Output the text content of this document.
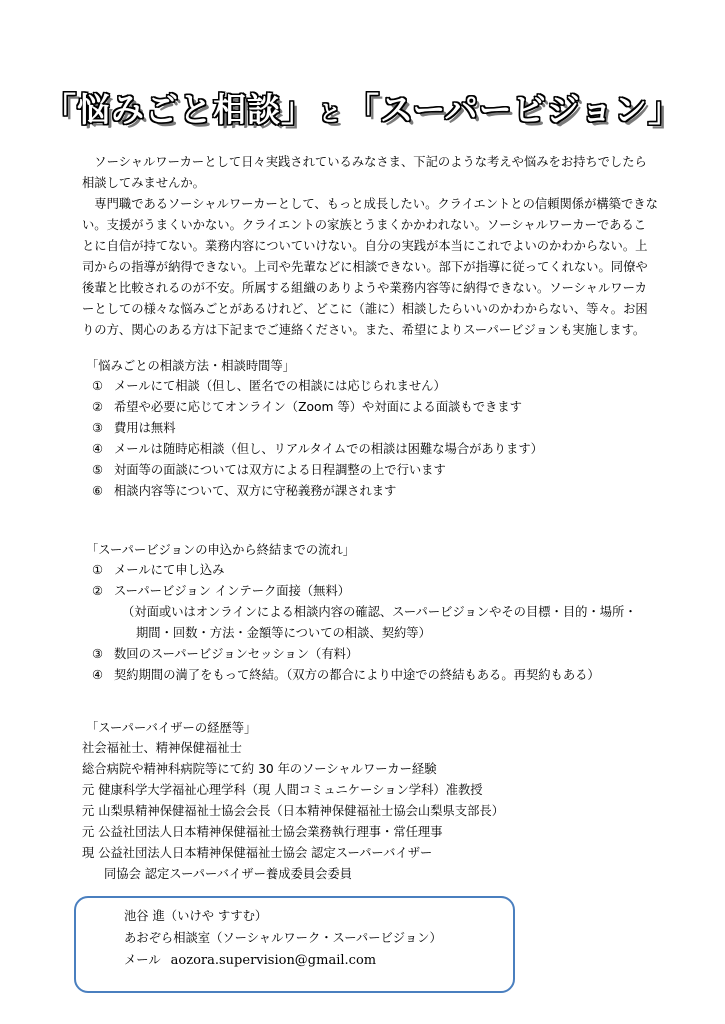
「悩みごと相談」 と 「スーパービジョン」

ソーシャルワーカーとして日々実践されているみなさま、下記のような考えや悩みをお持ちでしたら相談してみませんか。

専門職であるソーシャルワーカーとして、もっと成長したい。クライエントとの信頼関係が構築できない。支援がうまくいかない。クライエントの家族とうまくかかわれない。ソーシャルワーカーであることに自信が持てない。業務内容についていけない。自分の実践が本当にこれでよいのかわからない。上司からの指導が納得できない。上司や先輩などに相談できない。部下が指導に従ってくれない。同僚や後輩と比較されるのが不安。所属する組織のありようや業務内容等に納得できない。ソーシャルワーカーとしての様々な悩みごとがあるけれど、どこに（誰に）相談したらいいのかわからない、等々。お困りの方、関心のある方は下記までご連絡ください。また、希望によりスーパービジョンも実施します。

「悩みごとの相談方法・相談時間等」
① メールにて相談（但し、匿名での相談には応じられません）
② 希望や必要に応じてオンライン（Zoom 等）や対面による面談もできます
③ 費用は無料
④ メールは随時応相談（但し、リアルタイムでの相談は困難な場合があります）
⑤ 対面等の面談については双方による日程調整の上で行います
⑥ 相談内容等について、双方に守秘義務が課されます
「スーパービジョンの申込から終結までの流れ」
① メールにて申し込み
② スーパービジョン インテーク面接（無料）
（対面或いはオンラインによる相談内容の確認、スーパービジョンやその目標・目的・場所・
期間・回数・方法・金額等についての相談、契約等）
③ 数回のスーパービジョンセッション（有料）
④ 契約期間の満了をもって終結。（双方の都合により中途での終結もある。再契約もある）
「スーパーバイザーの経歴等」
社会福祉士、精神保健福祉士
総合病院や精神科病院等にて約 30 年のソーシャルワーカー経験
元 健康科学大学福祉心理学科（現 人間コミュニケーション学科）准教授
元 山梨県精神保健福祉士協会会長（日本精神保健福祉士協会山梨県支部長）
元 公益社団法人日本精神保健福祉士協会業務執行理事・常任理事
現 公益社団法人日本精神保健福祉士協会 認定スーパーバイザー
同協会 認定スーパーバイザー養成委員会委員
池谷 進（いけや すすむ）
あおぞら相談室（ソーシャルワーク・スーパービジョン）
メール aozora.supervision@gmail.com
